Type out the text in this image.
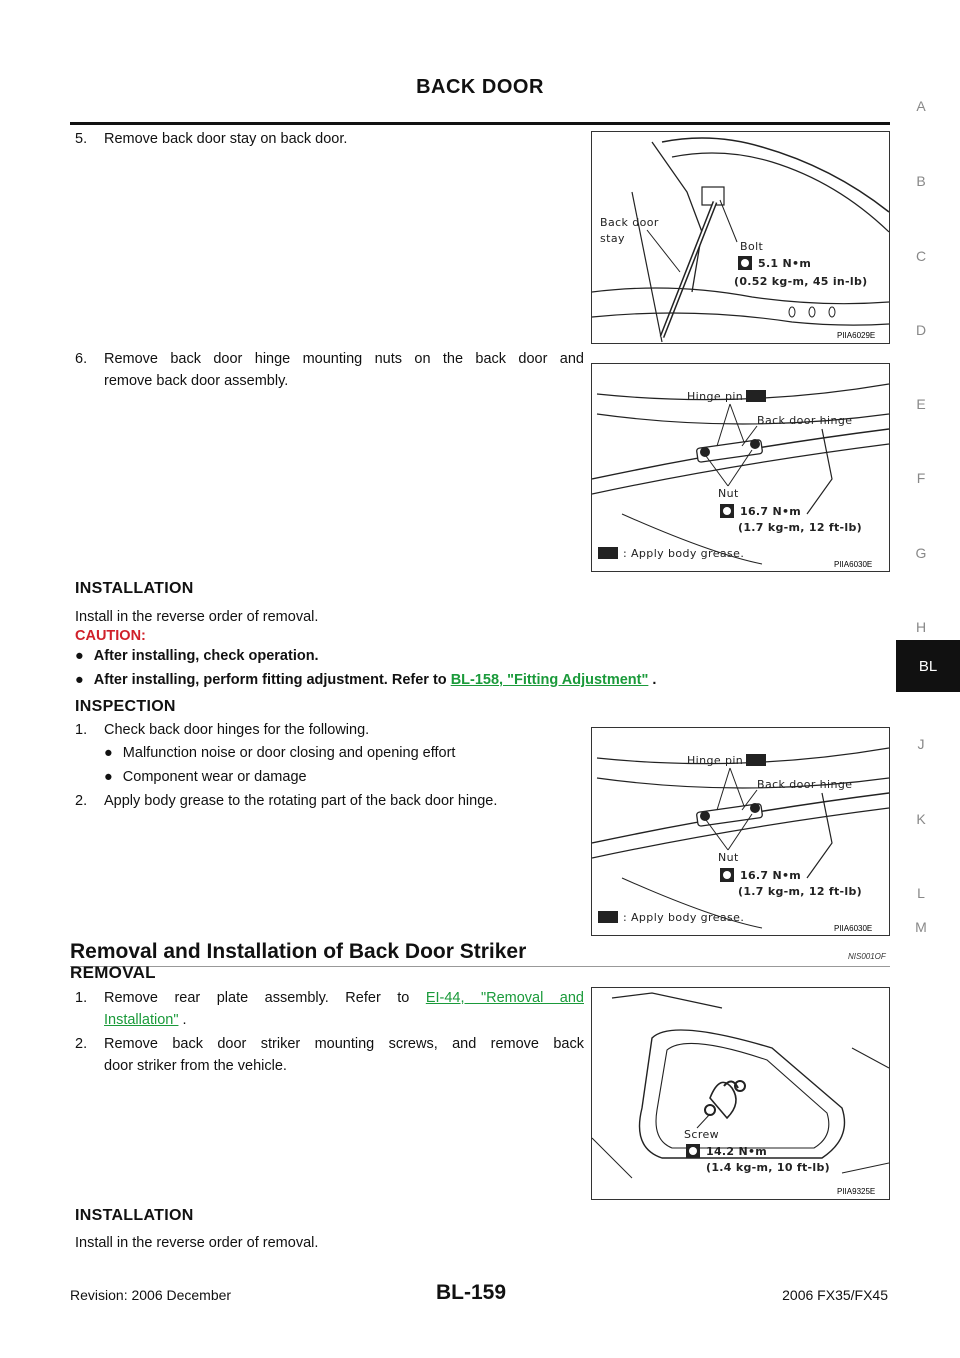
BACK DOOR
A
B
C
D
E
F
G
H
BL
J
K
L
M
5. Remove back door stay on back door.
Back door
stay
Bolt
5.1 N•m
(0.52 kg-m, 45 in-lb)
PIIA6029E
6. Remove back door hinge mounting nuts on the back door and
remove back door assembly.
Hinge pin
Back door hinge
Nut
16.7 N•m
(1.7 kg-m, 12 ft-lb)
: Apply body grease.
PIIA6030E
INSTALLATION
Install in the reverse order of removal.
CAUTION:
● After installing, check operation.
● After installing, perform fitting adjustment. Refer to BL-158, "Fitting Adjustment" .
INSPECTION
1. Check back door hinges for the following.
● Malfunction noise or door closing and opening effort
● Component wear or damage
2. Apply body grease to the rotating part of the back door hinge.
Hinge pin
Back door hinge
Nut
16.7 N•m
(1.7 kg-m, 12 ft-lb)
: Apply body grease.
PIIA6030E
Removal and Installation of Back Door Striker	NIS001OF
REMOVAL
1. Remove rear plate assembly. Refer to EI-44, "Removal and
Installation" .
2. Remove back door striker mounting screws, and remove back
door striker from the vehicle.
Screw
14.2 N•m
(1.4 kg-m, 10 ft-lb)
PIIA9325E
INSTALLATION
Install in the reverse order of removal.
Revision: 2006 December	BL-159	2006 FX35/FX45
